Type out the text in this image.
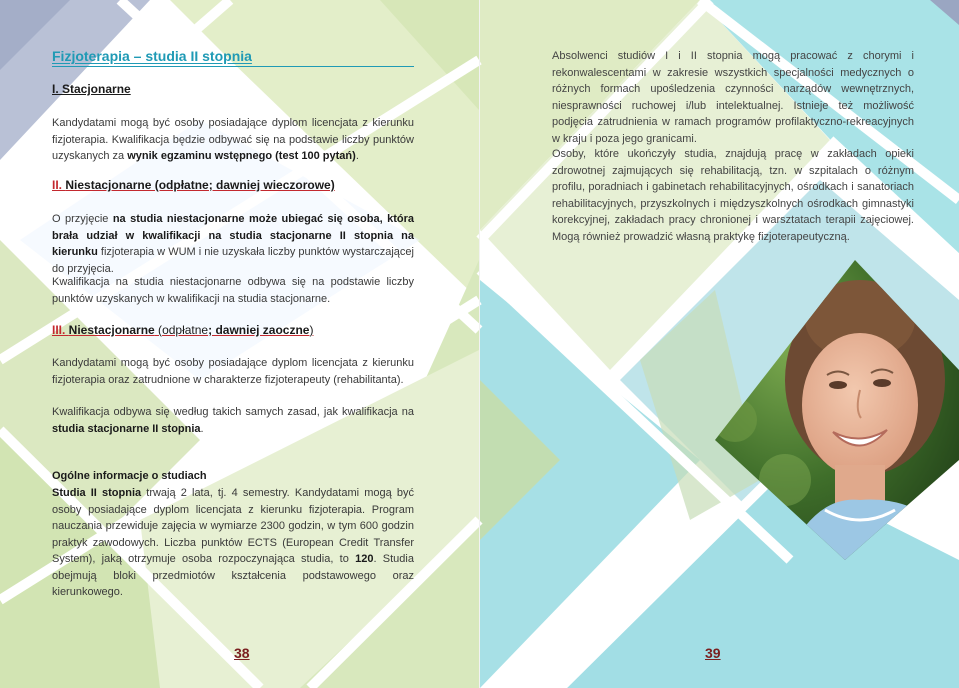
Fizjoterapia – studia II stopnia
I. Stacjonarne

Kandydatami mogą być osoby posiadające dyplom licencjata z kierunku fizjoterapia. Kwalifikacja będzie odbywać się na podstawie liczby punktów uzyskanych za wynik egzaminu wstępnego (test 100 pytań).

II. Niestacjonarne (odpłatne; dawniej wieczorowe)

O przyjęcie na studia niestacjonarne może ubiegać się osoba, która brała udział w kwalifikacji na studia stacjonarne II stopnia na kierunku fizjoterapia w WUM i nie uzyskała liczby punktów wystarczającej do przyjęcia.

Kwalifikacja na studia niestacjonarne odbywa się na podstawie liczby punktów uzyskanych w kwalifikacji na studia stacjonarne.

III. Niestacjonarne (odpłatne; dawniej zaoczne)

Kandydatami mogą być osoby posiadające dyplom licencjata z kierunku fizjoterapia oraz zatrudnione w charakterze fizjoterapeuty (rehabilitanta).

Kwalifikacja odbywa się według takich samych zasad, jak kwalifikacja na studia stacjonarne II stopnia.

Ogólne informacje o studiach

Studia II stopnia trwają 2 lata, tj. 4 semestry. Kandydatami mogą być osoby posiadające dyplom licencjata z kierunku fizjoterapia. Program nauczania przewiduje zajęcia w wymiarze 2300 godzin, w tym 600 godzin praktyk zawodowych. Liczba punktów ECTS (European Credit Transfer System), jaką otrzymuje osoba rozpoczynająca studia, to 120. Studia obejmują bloki przedmiotów kształcenia podstawowego oraz kierunkowego.

38

Absolwenci studiów I i II stopnia mogą pracować z chorymi i rekonwalescentami w zakresie wszystkich specjalności medycznych o różnych formach upośledzenia czynności narządów wewnętrznych, niesprawności ruchowej i/lub intelektualnej. Istnieje też możliwość podjęcia zatrudnienia w ramach programów profilaktyczno-rekreacyjnych w kraju i poza jego granicami.

Osoby, które ukończyły studia, znajdują pracę w zakładach opieki zdrowotnej zajmujących się rehabilitacją, tzn. w szpitalach o różnym profilu, poradniach i gabinetach rehabilitacyjnych, ośrodkach i sanatoriach rehabilitacyjnych, przyszkolnych i międzyszkolnych ośrodkach gimnastyki korekcyjnej, zakładach pracy chronionej i warsztatach terapii zajęciowej. Mogą również prowadzić własną praktykę fizjoterapeutyczną.

39
